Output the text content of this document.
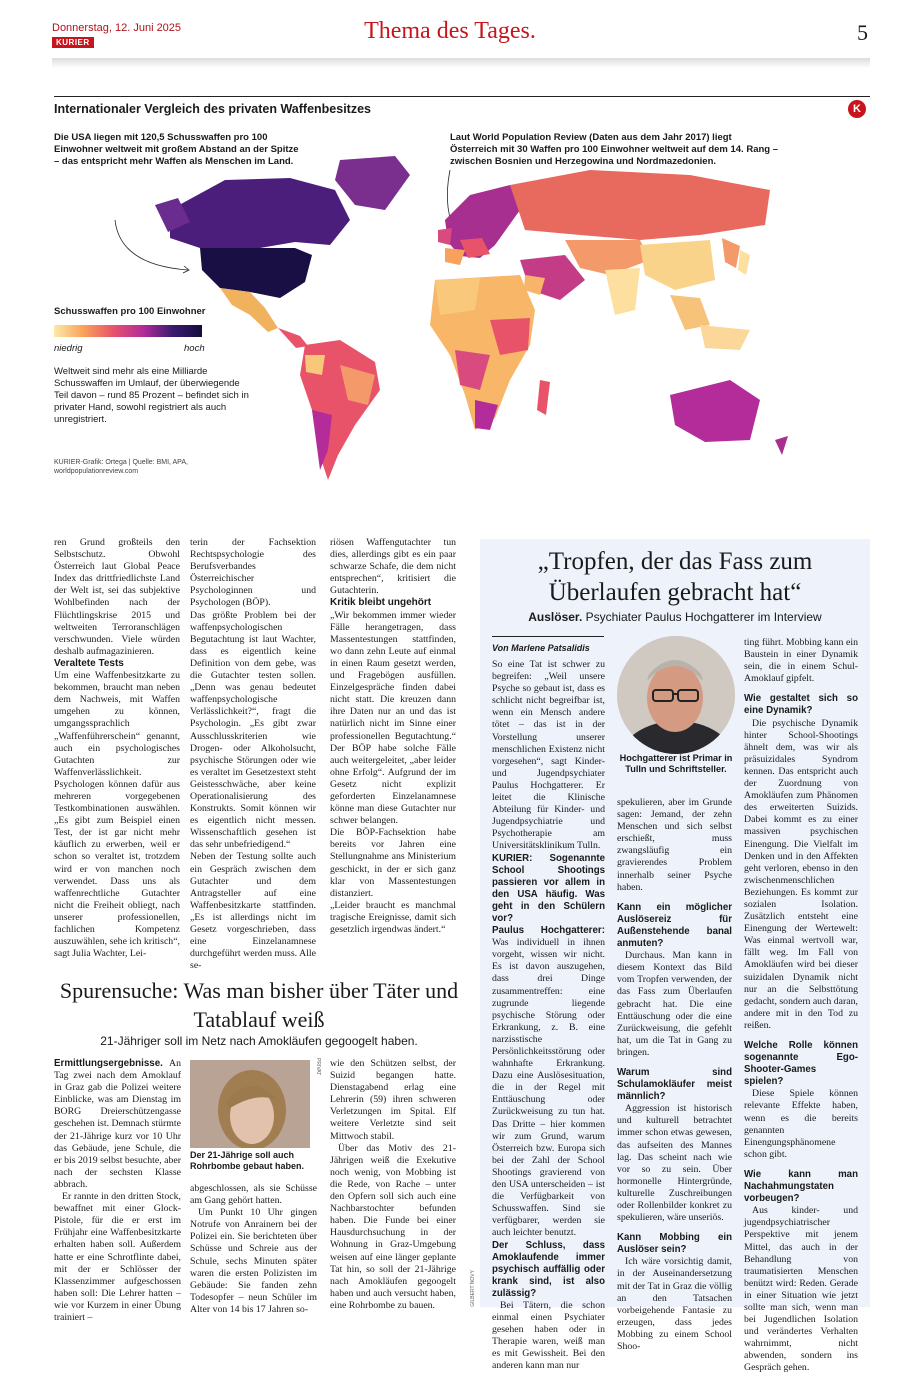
Donnerstag, 12. Juni 2025
KURIER	Thema des Tages.	5
Internationaler Vergleich des privaten Waffenbesitzes	K
Die USA liegen mit 120,5 Schusswaffen pro 100 Einwohner weltweit mit großem Abstand an der Spitze – das entspricht mehr Waffen als Menschen im Land.
Laut World Population Review (Daten aus dem Jahr 2017) liegt Österreich mit 30 Waffen pro 100 Einwohner weltweit auf dem 14. Rang – zwischen Bosnien und Herzegowina und Nordmazedonien.
Schusswaffen pro 100 Einwohner
niedrig	hoch
Weltweit sind mehr als eine Milliarde Schusswaffen im Umlauf, der überwiegende Teil davon – rund 85 Prozent – befindet sich in privater Hand, sowohl registriert als auch unregistriert.
KURIER-Grafik: Ortega | Quelle: BMI, APA, worldpopulationreview.com
ren Grund großteils den Selbstschutz. Obwohl Österreich laut Global Peace Index das drittfriedlichste Land der Welt ist, sei das subjektive Wohlbefinden nach der Flüchtlingskrise 2015 und weltweiten Terroranschlägen verschwunden. Viele würden deshalb aufmagazinieren.

Veraltete Tests
Um eine Waffenbesitzkarte zu bekommen, braucht man neben dem Nachweis, mit Waffen umgehen zu können, umgangssprachlich „Waffenführerschein“ genannt, auch ein psychologisches Gutachten zur Waffenverlässlichkeit. Psychologen können dafür aus mehreren vorgegebenen Testkombinationen auswählen. „Es gibt zum Beispiel einen Test, der ist gar nicht mehr käuflich zu erwerben, weil er schon so veraltet ist, trotzdem wird er von manchen noch verwendet. Dass uns als waffenrechtliche Gutachter nicht die Freiheit obliegt, nach unserer professionellen, fachlichen Kompetenz auszuwählen, sehe ich kritisch“, sagt Julia Wachter, Lei-
terin der Fachsektion Rechtspsychologie des Berufsverbandes Österreichischer Psychologinnen und Psychologen (BÖP).
Das größte Problem bei der waffenpsychologischen Begutachtung ist laut Wachter, dass es eigentlich keine Definition von dem gebe, was die Gutachter testen sollen. „Denn was genau bedeutet waffenpsychologische Verlässlichkeit?“, fragt die Psychologin. „Es gibt zwar Ausschlusskriterien wie Drogen- oder Alkoholsucht, psychische Störungen oder wie es veraltet im Gesetzestext steht Geistesschwäche, aber keine Operationalisierung des Konstrukts. Somit können wir es eigentlich nicht messen. Wissenschaftlich gesehen ist das sehr unbefriedigend.“
Neben der Testung sollte auch ein Gespräch zwischen dem Gutachter und dem Antragsteller auf eine Waffenbesitzkarte stattfinden. „Es ist allerdings nicht im Gesetz vorgeschrieben, dass eine Einzelanamnese durchgeführt werden muss. Alle se-
riösen Waffengutachter tun dies, allerdings gibt es ein paar schwarze Schafe, die dem nicht entsprechen“, kritisiert die Gutachterin.

Kritik bleibt ungehört
„Wir bekommen immer wieder Fälle herangetragen, dass Massentestungen stattfinden, wo dann zehn Leute auf einmal in einen Raum gesetzt werden, und Fragebögen ausfüllen. Einzelgespräche finden dabei nicht statt. Die kreuzen dann ihre Daten nur an und das ist natürlich nicht im Sinne einer professionellen Begutachtung.“ Der BÖP habe solche Fälle auch weitergeleitet, „aber leider ohne Erfolg“. Aufgrund der im Gesetz nicht explizit geforderten Einzelanamnese könne man diese Gutachter nur schwer belangen.
Die BÖP-Fachsektion habe bereits vor Jahren eine Stellungnahme ans Ministerium geschickt, in der er sich ganz klar von Massentestungen distanziert.
„Leider braucht es manchmal tragische Ereignisse, damit sich gesetzlich irgendwas ändert.“
„Tropfen, der das Fass zum Überlaufen gebracht hat“
Auslöser. Psychiater Paulus Hochgatterer im Interview
Von Marlene Patsalidis
Hochgatterer ist Primar in Tulln und Schriftsteller.
So eine Tat ist schwer zu begreifen: „Weil unsere Psyche so gebaut ist, dass es schlicht nicht begreifbar ist, wenn ein Mensch andere tötet – das ist in der Vorstellung unserer menschlichen Existenz nicht vorgesehen“, sagt Kinder- und Jugendpsychiater Paulus Hochgatterer. Er leitet die Klinische Abteilung für Kinder- und Jugendpsychiatrie und Psychotherapie am Universitätsklinikum Tulln.
KURIER: Sogenannte School Shootings passieren vor allem in den USA häufig. Was geht in den Schülern vor?
Paulus Hochgatterer: Was individuell in ihnen vorgeht, wissen wir nicht. Es ist davon auszugehen, dass drei Dinge zusammentreffen: eine zugrunde liegende psychische Störung oder Erkrankung, z. B. eine narzisstische Persönlichkeitsstörung oder wahnhafte Erkrankung. Dazu eine Auslösesituation, die in der Regel mit Enttäuschung oder Zurückweisung zu tun hat. Das Dritte – hier kommen wir zum Grund, warum Österreich bzw. Europa sich bei der Zahl der School Shootings gravierend von den USA unterscheiden – ist die Verfügbarkeit von Schusswaffen. Sind sie verfügbarer, werden sie auch leichter benutzt.
Der Schluss, dass Amoklaufende immer psychisch auffällig oder krank sind, ist also zulässig?
Bei Tätern, die schon einmal einen Psychiater gesehen haben oder in Therapie waren, weiß man es mit Gewissheit. Bei den anderen kann man nur
spekulieren, aber im Grunde sagen: Jemand, der zehn Menschen und sich selbst erschießt, muss zwangsläufig ein gravierendes Problem innerhalb seiner Psyche haben.
Kann ein möglicher Auslösereiz für Außenstehende banal anmuten?
Durchaus. Man kann in diesem Kontext das Bild vom Tropfen verwenden, der das Fass zum Überlaufen gebracht hat. Die eine Enttäuschung oder die eine Zurückweisung, die gefehlt hat, um die Tat in Gang zu bringen.
Warum sind Schulamokläufer meist männlich?
Aggression ist historisch und kulturell betrachtet immer schon etwas gewesen, das aufseiten des Mannes lag. Das scheint nach wie vor so zu sein. Über hormonelle Hintergründe, kulturelle Zuschreibungen oder Rollenbilder konkret zu spekulieren, wäre unseriös.
Kann Mobbing ein Auslöser sein?
Ich wäre vorsichtig damit, in der Auseinandersetzung mit der Tat in Graz die völlig an den Tatsachen vorbeigehende Fantasie zu erzeugen, dass jedes Mobbing zu einem School Shoo-
ting führt. Mobbing kann ein Baustein in einer Dynamik sein, die in einem Schul-Amoklauf gipfelt.
Wie gestaltet sich so eine Dynamik?
Die psychische Dynamik hinter School-Shootings ähnelt dem, was wir als präsuizidales Syndrom kennen. Das entspricht auch der Zuordnung von Amokläufen zum Phänomen des erweiterten Suizids. Dabei kommt es zu einer massiven psychischen Einengung. Die Vielfalt im Denken und in den Affekten geht verloren, ebenso in den zwischenmenschlichen Beziehungen. Es kommt zur sozialen Isolation. Zusätzlich entsteht eine Einengung der Wertewelt: Was einmal wertvoll war, fällt weg. Im Fall von Amokläufen wird bei dieser suizidalen Dynamik nicht nur an die Selbsttötung gedacht, sondern auch daran, andere mit in den Tod zu reißen.
Welche Rolle können sogenannte Ego-Shooter-Games spielen?
Diese Spiele können relevante Effekte haben, wenn es die bereits genannten Einengungsphänomene schon gibt.
Wie kann man Nachahmungstaten vorbeugen?
Aus kinder- und jugendpsychiatrischer Perspektive mit jenem Mittel, das auch in der Behandlung von traumatisierten Menschen benützt wird: Reden. Gerade in einer Situation wie jetzt sollte man sich, wenn man bei Jugendlichen Isolation und verändertes Verhalten wahrnimmt, nicht abwenden, sondern ins Gespräch gehen.
GILBERT NOVY
Spurensuche: Was man bisher über Täter und Tatablauf weiß
21-Jähriger soll im Netz nach Amokläufen gegoogelt haben.
Ermittlungsergebnisse. An Tag zwei nach dem Amoklauf in Graz gab die Polizei weitere Einblicke, was am Dienstag im BORG Dreierschützengasse geschehen ist. Demnach stürmte der 21-Jährige kurz vor 10 Uhr das Gebäude, jene Schule, die er bis 2019 selbst besuchte, aber nach der sechsten Klasse abbrach.
Er rannte in den dritten Stock, bewaffnet mit einer Glock-Pistole, für die er erst im Frühjahr eine Waffenbesitzkarte erhalten haben soll. Außerdem hatte er eine Schrotflinte dabei, mit der er Schlösser der Klassenzimmer aufgeschossen haben soll: Die Lehrer hatten – wie vor Kurzem in einer Übung trainiert –
Der 21-Jährige soll auch Rohrbombe gebaut haben.
PRIVAT
abgeschlossen, als sie Schüsse am Gang gehört hatten.
Um Punkt 10 Uhr gingen Notrufe von Anrainern bei der Polizei ein. Sie berichteten über Schüsse und Schreie aus der Schule, sechs Minuten später waren die ersten Polizisten im Gebäude: Sie fanden zehn Todesopfer – neun Schüler im Alter von 14 bis 17 Jahren so-
wie den Schützen selbst, der Suizid begangen hatte. Dienstagabend erlag eine Lehrerin (59) ihren schweren Verletzungen im Spital. Elf weitere Verletzte sind seit Mittwoch stabil.
Über das Motiv des 21-Jährigen weiß die Exekutive noch wenig, von Mobbing ist die Rede, von Rache – unter den Opfern soll sich auch eine Nachbarstochter befunden haben. Die Funde bei einer Hausdurchsuchung in der Wohnung in Graz-Umgebung weisen auf eine länger geplante Tat hin, so soll der 21-Jährige nach Amokläufen gegoogelt haben und auch versucht haben, eine Rohrbombe zu bauen.
